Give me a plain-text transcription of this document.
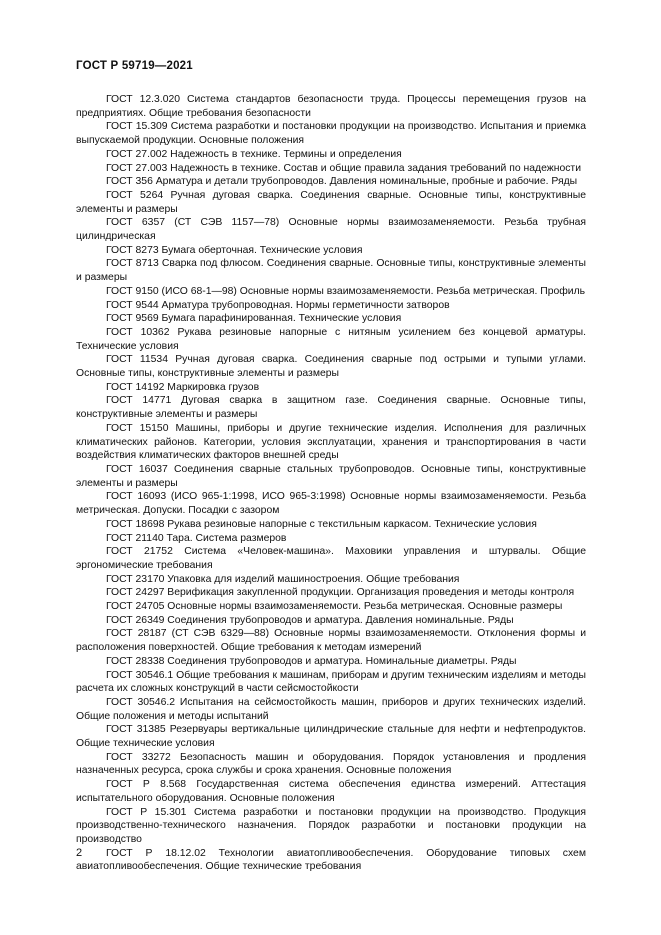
ГОСТ Р 59719—2021

ГОСТ 12.3.020 Система стандартов безопасности труда. Процессы перемещения грузов на предприятиях. Общие требования безопасности

ГОСТ 15.309 Система разработки и постановки продукции на производство. Испытания и приемка выпускаемой продукции. Основные положения

ГОСТ 27.002 Надежность в технике. Термины и определения

ГОСТ 27.003 Надежность в технике. Состав и общие правила задания требований по надежности

ГОСТ 356 Арматура и детали трубопроводов. Давления номинальные, пробные и рабочие. Ряды

ГОСТ 5264 Ручная дуговая сварка. Соединения сварные. Основные типы, конструктивные элементы и размеры

ГОСТ 6357 (СТ СЭВ 1157—78) Основные нормы взаимозаменяемости. Резьба трубная цилиндрическая

ГОСТ 8273 Бумага оберточная. Технические условия

ГОСТ 8713 Сварка под флюсом. Соединения сварные. Основные типы, конструктивные элементы и размеры

ГОСТ 9150 (ИСО 68-1—98) Основные нормы взаимозаменяемости. Резьба метрическая. Профиль

ГОСТ 9544 Арматура трубопроводная. Нормы герметичности затворов

ГОСТ 9569 Бумага парафинированная. Технические условия

ГОСТ 10362 Рукава резиновые напорные с нитяным усилением без концевой арматуры. Технические условия

ГОСТ 11534 Ручная дуговая сварка. Соединения сварные под острыми и тупыми углами. Основные типы, конструктивные элементы и размеры

ГОСТ 14192 Маркировка грузов

ГОСТ 14771 Дуговая сварка в защитном газе. Соединения сварные. Основные типы, конструктивные элементы и размеры

ГОСТ 15150 Машины, приборы и другие технические изделия. Исполнения для различных климатических районов. Категории, условия эксплуатации, хранения и транспортирования в части воздействия климатических факторов внешней среды

ГОСТ 16037 Соединения сварные стальных трубопроводов. Основные типы, конструктивные элементы и размеры

ГОСТ 16093 (ИСО 965-1:1998, ИСО 965-3:1998) Основные нормы взаимозаменяемости. Резьба метрическая. Допуски. Посадки с зазором

ГОСТ 18698 Рукава резиновые напорные с текстильным каркасом. Технические условия

ГОСТ 21140 Тара. Система размеров

ГОСТ 21752 Система «Человек-машина». Маховики управления и штурвалы. Общие эргономические требования

ГОСТ 23170 Упаковка для изделий машиностроения. Общие требования

ГОСТ 24297 Верификация закупленной продукции. Организация проведения и методы контроля

ГОСТ 24705 Основные нормы взаимозаменяемости. Резьба метрическая. Основные размеры

ГОСТ 26349 Соединения трубопроводов и арматура. Давления номинальные. Ряды

ГОСТ 28187 (СТ СЭВ 6329—88) Основные нормы взаимозаменяемости. Отклонения формы и расположения поверхностей. Общие требования к методам измерений

ГОСТ 28338 Соединения трубопроводов и арматура. Номинальные диаметры. Ряды

ГОСТ 30546.1 Общие требования к машинам, приборам и другим техническим изделиям и методы расчета их сложных конструкций в части сейсмостойкости

ГОСТ 30546.2 Испытания на сейсмостойкость машин, приборов и других технических изделий. Общие положения и методы испытаний

ГОСТ 31385 Резервуары вертикальные цилиндрические стальные для нефти и нефтепродуктов. Общие технические условия

ГОСТ 33272 Безопасность машин и оборудования. Порядок установления и продления назначенных ресурса, срока службы и срока хранения. Основные положения

ГОСТ Р 8.568 Государственная система обеспечения единства измерений. Аттестация испытательного оборудования. Основные положения

ГОСТ Р 15.301 Система разработки и постановки продукции на производство. Продукция производственно-технического назначения. Порядок разработки и постановки продукции на производство

ГОСТ Р 18.12.02 Технологии авиатопливообеспечения. Оборудование типовых схем авиатопливообеспечения. Общие технические требования

2
